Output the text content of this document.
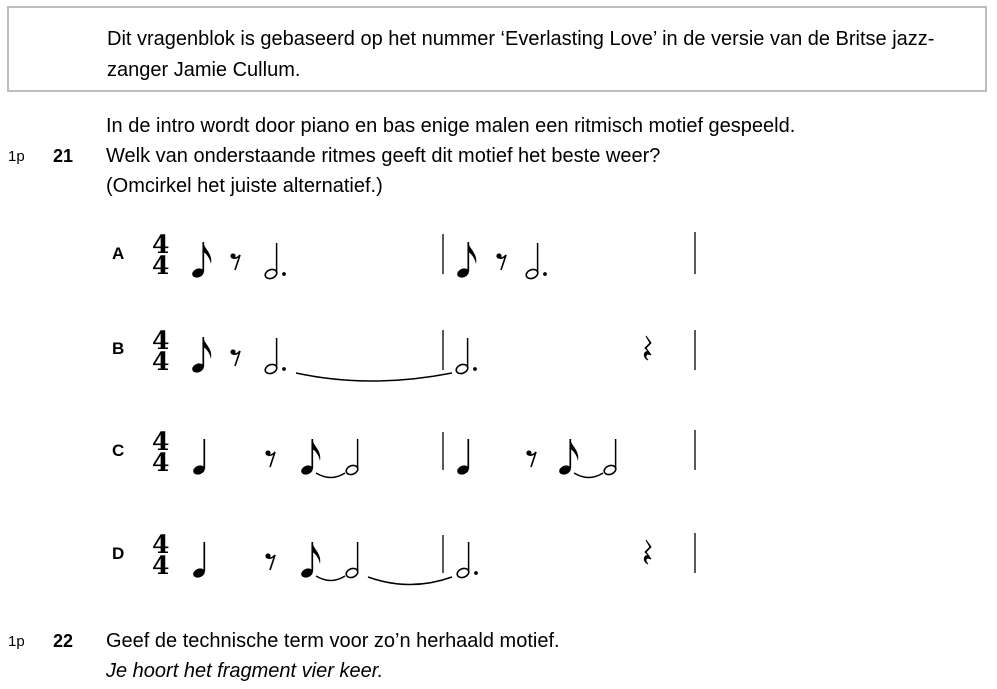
Dit vragenblok is gebaseerd op het nummer ‘Everlasting Love’ in de versie van de Britse jazz-zanger Jamie Cullum.

In de intro wordt door piano en bas enige malen een ritmisch motief gespeeld.

1p 21 Welk van onderstaande ritmes geeft dit motief het beste weer?

(Omcirkel het juiste alternatief.)

A
B
C
D
4
4
1p 22 Geef de technische term voor zo’n herhaald motief.

Je hoort het fragment vier keer.
